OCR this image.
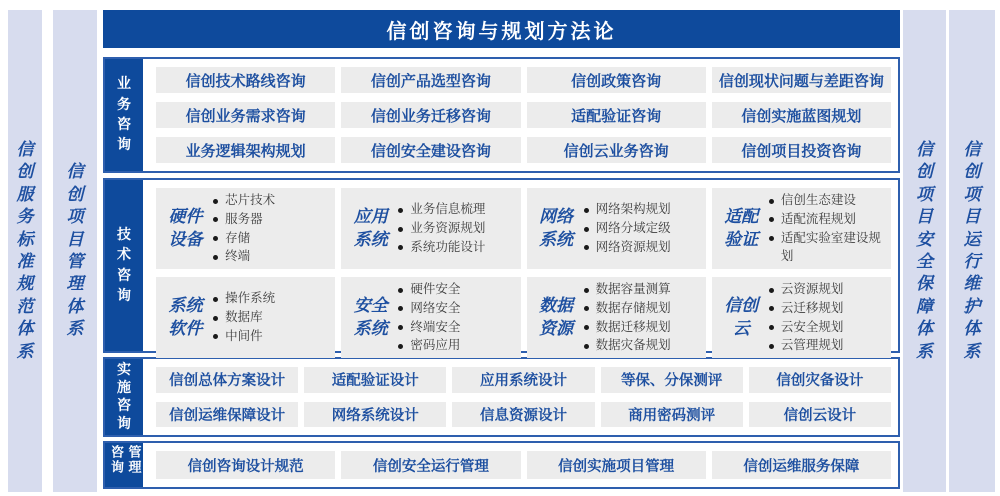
信创服务标准规范体系
信创项目管理体系
信创咨询与规划方法论
业务咨询
信创技术路线咨询	信创产品选型咨询	信创政策咨询	信创现状问题与差距咨询
信创业务需求咨询	信创业务迁移咨询	适配验证咨询	信创实施蓝图规划
业务逻辑架构规划	信创安全建设咨询	信创云业务咨询	信创项目投资咨询
技术咨询
硬件设备
芯片技术
服务器
存储
终端
应用系统
业务信息梳理
业务资源规划
系统功能设计
网络系统
网络架构规划
网络分域定级
网络资源规划
适配验证
信创生态建设
适配流程规划
适配实验室建设规划
系统软件
操作系统
数据库
中间件
安全系统
硬件安全
网络安全
终端安全
密码应用
数据资源
数据容量测算
数据存储规划
数据迁移规划
数据灾备规划
信创云
云资源规划
云迁移规划
云安全规划
云管理规划
实施咨询
信创总体方案设计	适配验证设计	应用系统设计	等保、分保测评	信创灾备设计
信创运维保障设计	网络系统设计	信息资源设计	商用密码测评	信创云设计
咨询管理	信创咨询设计规范	信创安全运行管理	信创实施项目管理	信创运维服务保障
信创项目安全保障体系
信创项目运行维护体系
